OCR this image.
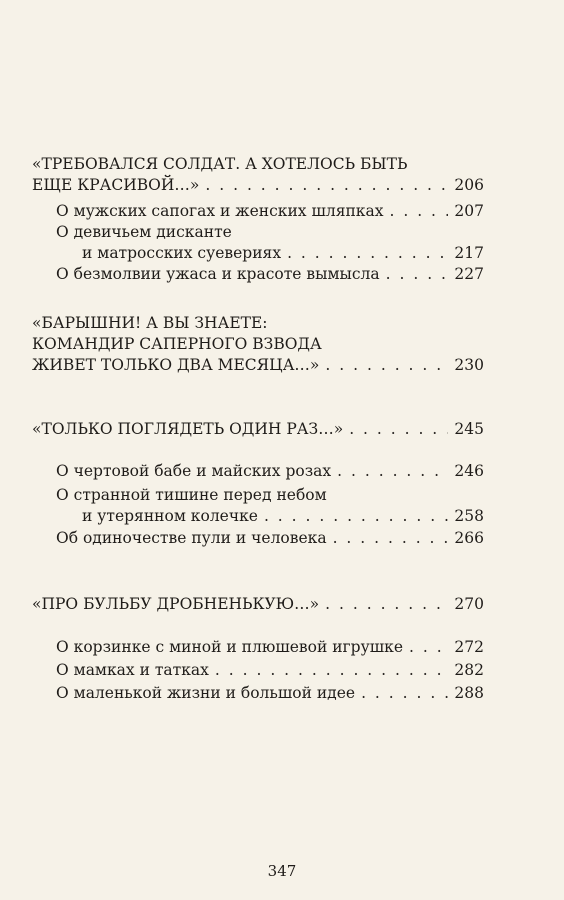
«ТРЕБОВАЛСЯ СОЛДАТ. А ХОТЕЛОСЬ БЫТЬ
ЕЩЕ КРАСИВОЙ…» . . .	206
О мужских сапогах и женских шляпках . . .	207
О девичьем дисканте
и матросских суевериях . . .	217
О безмолвии ужаса и красоте вымысла . . .	227
«БАРЫШНИ! А ВЫ ЗНАЕТЕ:
КОМАНДИР САПЕРНОГО ВЗВОДА
ЖИВЕТ ТОЛЬКО ДВА МЕСЯЦА…» . . .	230
«ТОЛЬКО ПОГЛЯДЕТЬ ОДИН РАЗ…» . . .	245
О чертовой бабе и майских розах . . .	246
О странной тишине перед небом
и утерянном колечке . . .	258
Об одиночестве пули и человека . . .	266
«ПРО БУЛЬБУ ДРОБНЕНЬКУЮ…» . . .	270
О корзинке с миной и плюшевой игрушке . . .	272
О мамках и татках . . .	282
О маленькой жизни и большой идее . . .	288
347
